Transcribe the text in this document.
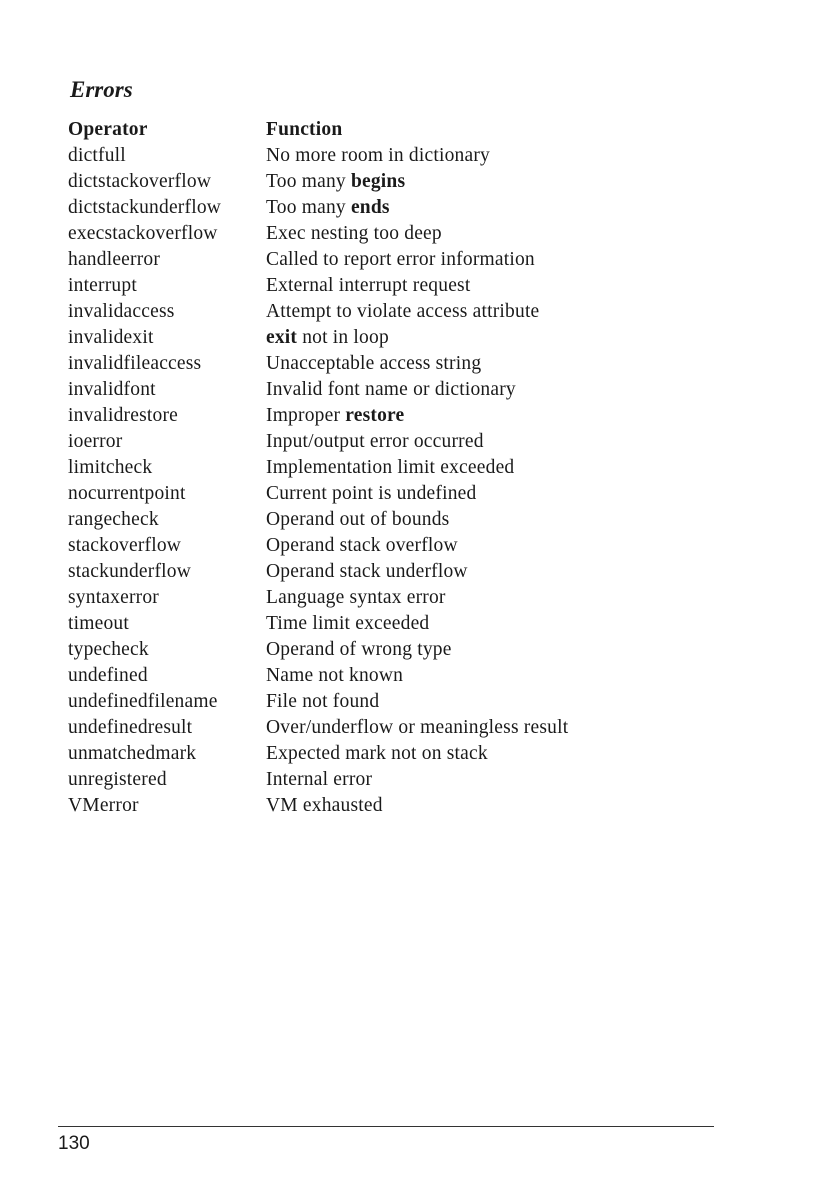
Errors
Operator	Function
dictfull	No more room in dictionary
dictstackoverflow	Too many begins
dictstackunderflow	Too many ends
execstackoverflow	Exec nesting too deep
handleerror	Called to report error information
interrupt	External interrupt request
invalidaccess	Attempt to violate access attribute
invalidexit	exit not in loop
invalidfileaccess	Unacceptable access string
invalidfont	Invalid font name or dictionary
invalidrestore	Improper restore
ioerror	Input/output error occurred
limitcheck	Implementation limit exceeded
nocurrentpoint	Current point is undefined
rangecheck	Operand out of bounds
stackoverflow	Operand stack overflow
stackunderflow	Operand stack underflow
syntaxerror	Language syntax error
timeout	Time limit exceeded
typecheck	Operand of wrong type
undefined	Name not known
undefinedfilename	File not found
undefinedresult	Over/underflow or meaningless result
unmatchedmark	Expected mark not on stack
unregistered	Internal error
VMerror	VM exhausted
130
